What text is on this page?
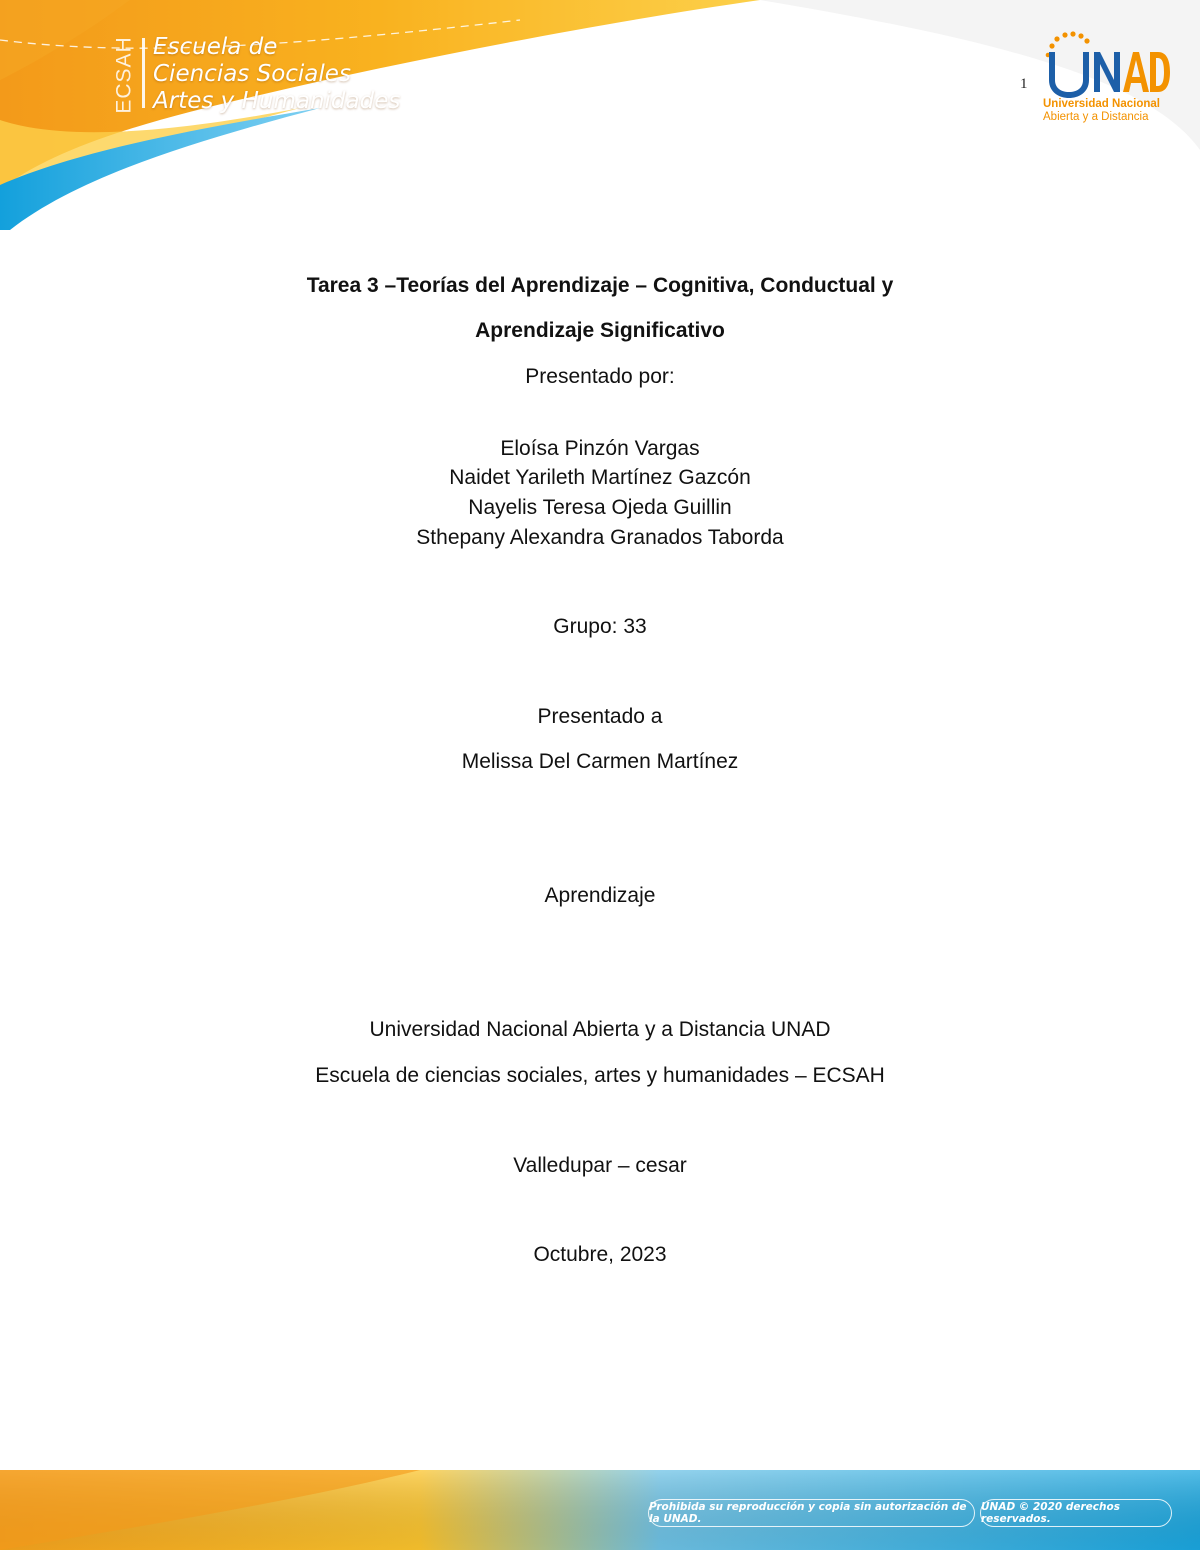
ECSAH Escuela de
Ciencias Sociales
Artes y Humanidades
1
Universidad Nacional
Abierta y a Distancia
Tarea 3 –Teorías del Aprendizaje – Cognitiva, Conductual y
Aprendizaje Significativo
Presentado por:
Eloísa Pinzón Vargas
Naidet Yarileth Martínez Gazcón
Nayelis Teresa Ojeda Guillin
Sthepany Alexandra Granados Taborda
Grupo: 33
Presentado a
Melissa Del Carmen Martínez
Aprendizaje
Universidad Nacional Abierta y a Distancia UNAD
Escuela de ciencias sociales, artes y humanidades – ECSAH
Valledupar – cesar
Octubre, 2023
Prohibida su reproducción y copia sin autorización de la UNAD.
UNAD © 2020 derechos reservados.
